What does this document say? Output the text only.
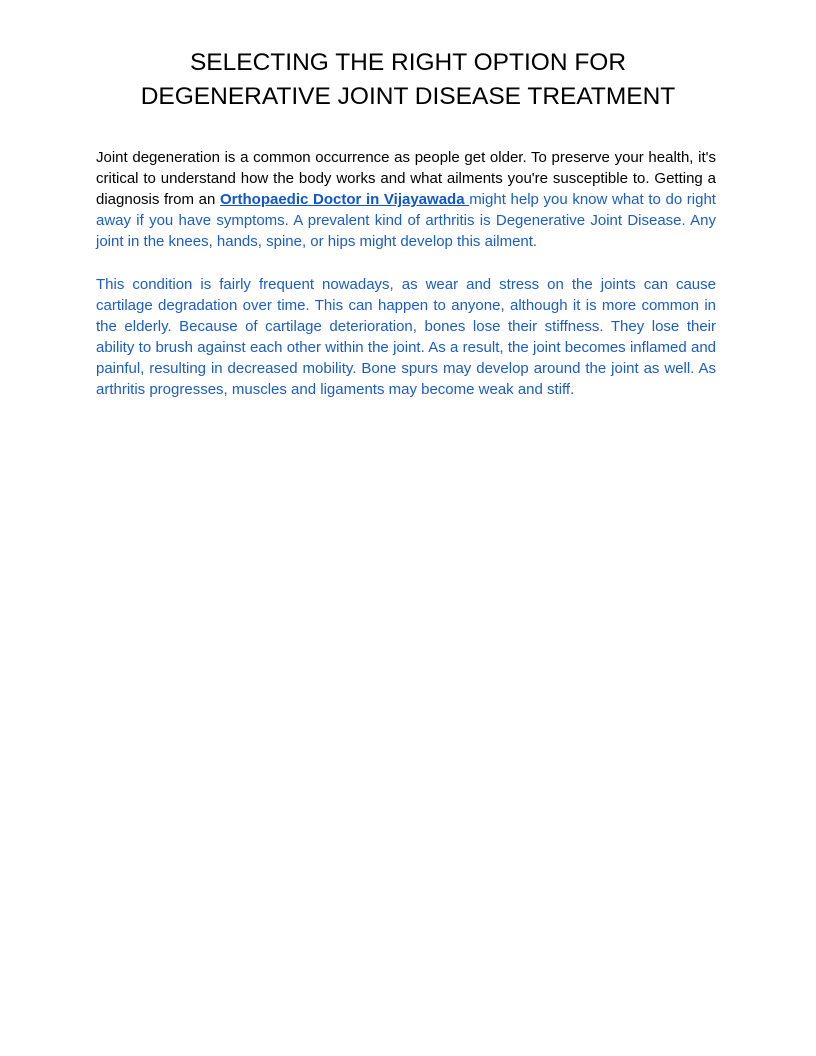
SELECTING THE RIGHT OPTION FOR
DEGENERATIVE JOINT DISEASE TREATMENT

Joint degeneration is a common occurrence as people get older. To preserve your health, it's critical to understand how the body works and what ailments you're susceptible to. Getting a diagnosis from an Orthopaedic Doctor in Vijayawada might help you know what to do right away if you have symptoms. A prevalent kind of arthritis is Degenerative Joint Disease. Any joint in the knees, hands, spine, or hips might develop this ailment.

This condition is fairly frequent nowadays, as wear and stress on the joints can cause cartilage degradation over time. This can happen to anyone, although it is more common in the elderly. Because of cartilage deterioration, bones lose their stiffness. They lose their ability to brush against each other within the joint. As a result, the joint becomes inflamed and painful, resulting in decreased mobility. Bone spurs may develop around the joint as well. As arthritis progresses, muscles and ligaments may become weak and stiff.
